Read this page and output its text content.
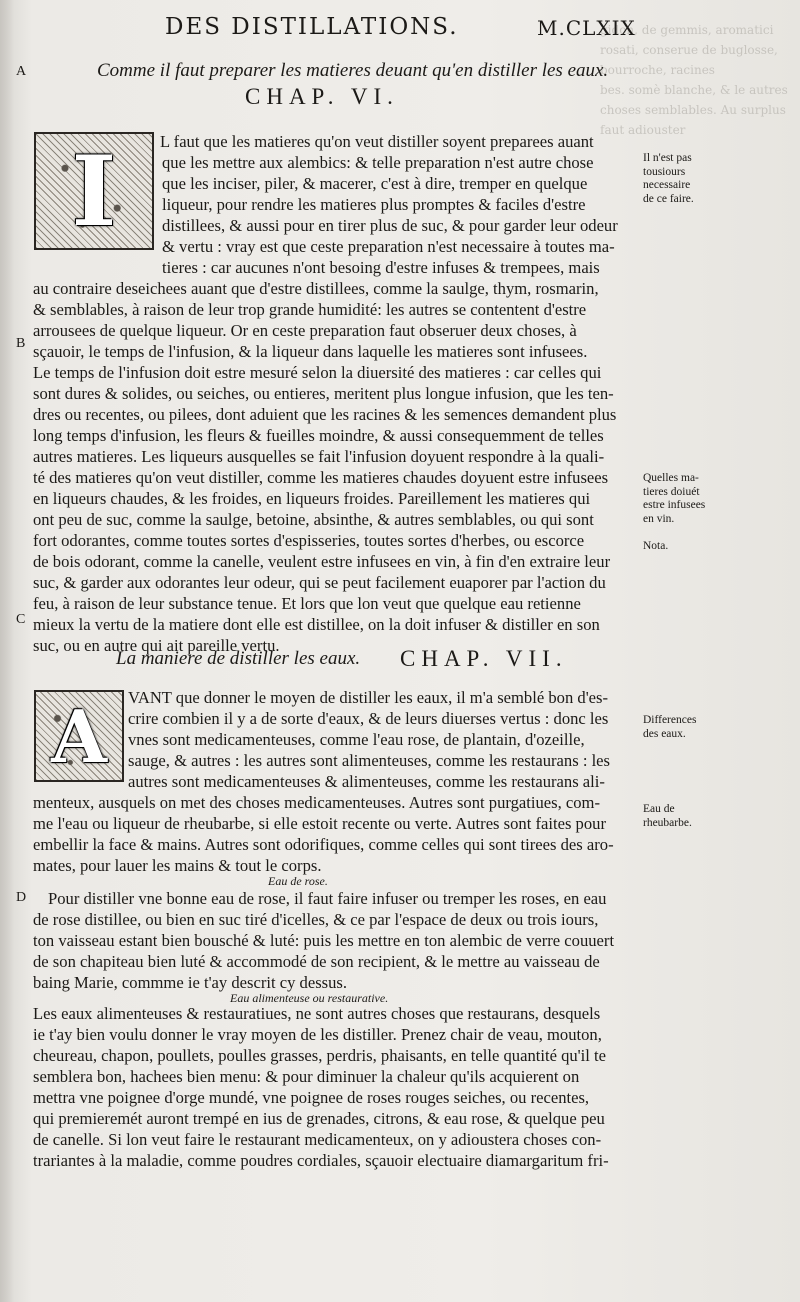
gidon, de gemmis, aromatici rosati, conserue de buglosse, bourroche, racines
bes. somè blanche, & le autres choses semblables. Au surplus faut adiouster
DES DISTILLATIONS.	M.CLXIX
A
B
C
D
Comme il faut preparer les matieres deuant qu'en distiller les eaux.
CHAP. VI.
I	L faut que les matieres qu'on veut distiller soyent preparees auant
que les mettre aux alembics: & telle preparation n'est autre chose
que les inciser, piler, & macerer, c'est à dire, tremper en quelque
liqueur, pour rendre les matieres plus promptes & faciles d'estre
distillees, & aussi pour en tirer plus de suc, & pour garder leur odeur
& vertu : vray est que ceste preparation n'est necessaire à toutes ma-
tieres : car aucunes n'ont besoing d'estre infuses & trempees, mais
au contraire deseichees auant que d'estre distillees, comme la saulge, thym, rosmarin,
& semblables, à raison de leur trop grande humidité: les autres se contentent d'estre
arrousees de quelque liqueur. Or en ceste preparation faut obseruer deux choses, à
sçauoir, le temps de l'infusion, & la liqueur dans laquelle les matieres sont infusees.
Le temps de l'infusion doit estre mesuré selon la diuersité des matieres : car celles qui
sont dures & solides, ou seiches, ou entieres, meritent plus longue infusion, que les ten-
dres ou recentes, ou pilees, dont aduient que les racines & les semences demandent plus
long temps d'infusion, les fleurs & fueilles moindre, & aussi consequemment de telles
autres matieres. Les liqueurs ausquelles se fait l'infusion doyuent respondre à la quali-
té des matieres qu'on veut distiller, comme les matieres chaudes doyuent estre infusees
en liqueurs chaudes, & les froides, en liqueurs froides. Pareillement les matieres qui
ont peu de suc, comme la saulge, betoine, absinthe, & autres semblables, ou qui sont
fort odorantes, comme toutes sortes d'espisseries, toutes sortes d'herbes, ou escorce
de bois odorant, comme la canelle, veulent estre infusees en vin, à fin d'en extraire leur
suc, & garder aux odorantes leur odeur, qui se peut facilement euaporer par l'action du
feu, à raison de leur substance tenue. Et lors que lon veut que quelque eau retienne
mieux la vertu de la matiere dont elle est distillee, on la doit infuser & distiller en son
suc, ou en autre qui ait pareille vertu.
La maniere de distiller les eaux. CHAP. VII.
A	VANT que donner le moyen de distiller les eaux, il m'a semblé bon d'es-
crire combien il y a de sorte d'eaux, & de leurs diuerses vertus : donc les
vnes sont medicamenteuses, comme l'eau rose, de plantain, d'ozeille,
sauge, & autres : les autres sont alimenteuses, comme les restaurans : les
autres sont medicamenteuses & alimenteuses, comme les restaurans ali-
menteux, ausquels on met des choses medicamenteuses. Autres sont purgatiues, com-
me l'eau ou liqueur de rheubarbe, si elle estoit recente ou verte. Autres sont faites pour
embellir la face & mains. Autres sont odorifiques, comme celles qui sont tirees des aro-
mates, pour lauer les mains & tout le corps.
Eau de rose.
Pour distiller vne bonne eau de rose, il faut faire infuser ou tremper les roses, en eau
de rose distillee, ou bien en suc tiré d'icelles, & ce par l'espace de deux ou trois iours,
ton vaisseau estant bien bousché & luté: puis les mettre en ton alembic de verre couuert
de son chapiteau bien luté & accommodé de son recipient, & le mettre au vaisseau de
baing Marie, commme ie t'ay descrit cy dessus.
Eau alimenteuse ou restaurative.
Les eaux alimenteuses & restauratiues, ne sont autres choses que restaurans, desquels
ie t'ay bien voulu donner le vray moyen de les distiller. Prenez chair de veau, mouton,
cheureau, chapon, poullets, poulles grasses, perdris, phaisants, en telle quantité qu'il te
semblera bon, hachees bien menu: & pour diminuer la chaleur qu'ils acquierent on
mettra vne poignee d'orge mundé, vne poignee de roses rouges seiches, ou recentes,
qui premieremét auront trempé en ius de grenades, citrons, & eau rose, & quelque peu
de canelle. Si lon veut faire le restaurant medicamenteux, on y adioustera choses con-
trariantes à la maladie, comme poudres cordiales, sçauoir electuaire diamargaritum fri-
Il n'est pas
tousiours
necessaire
de ce faire.
Quelles ma-
tieres doiuét
estre infusees
en vin.
Nota.
Differences
des eaux.
Eau de
rheubarbe.
